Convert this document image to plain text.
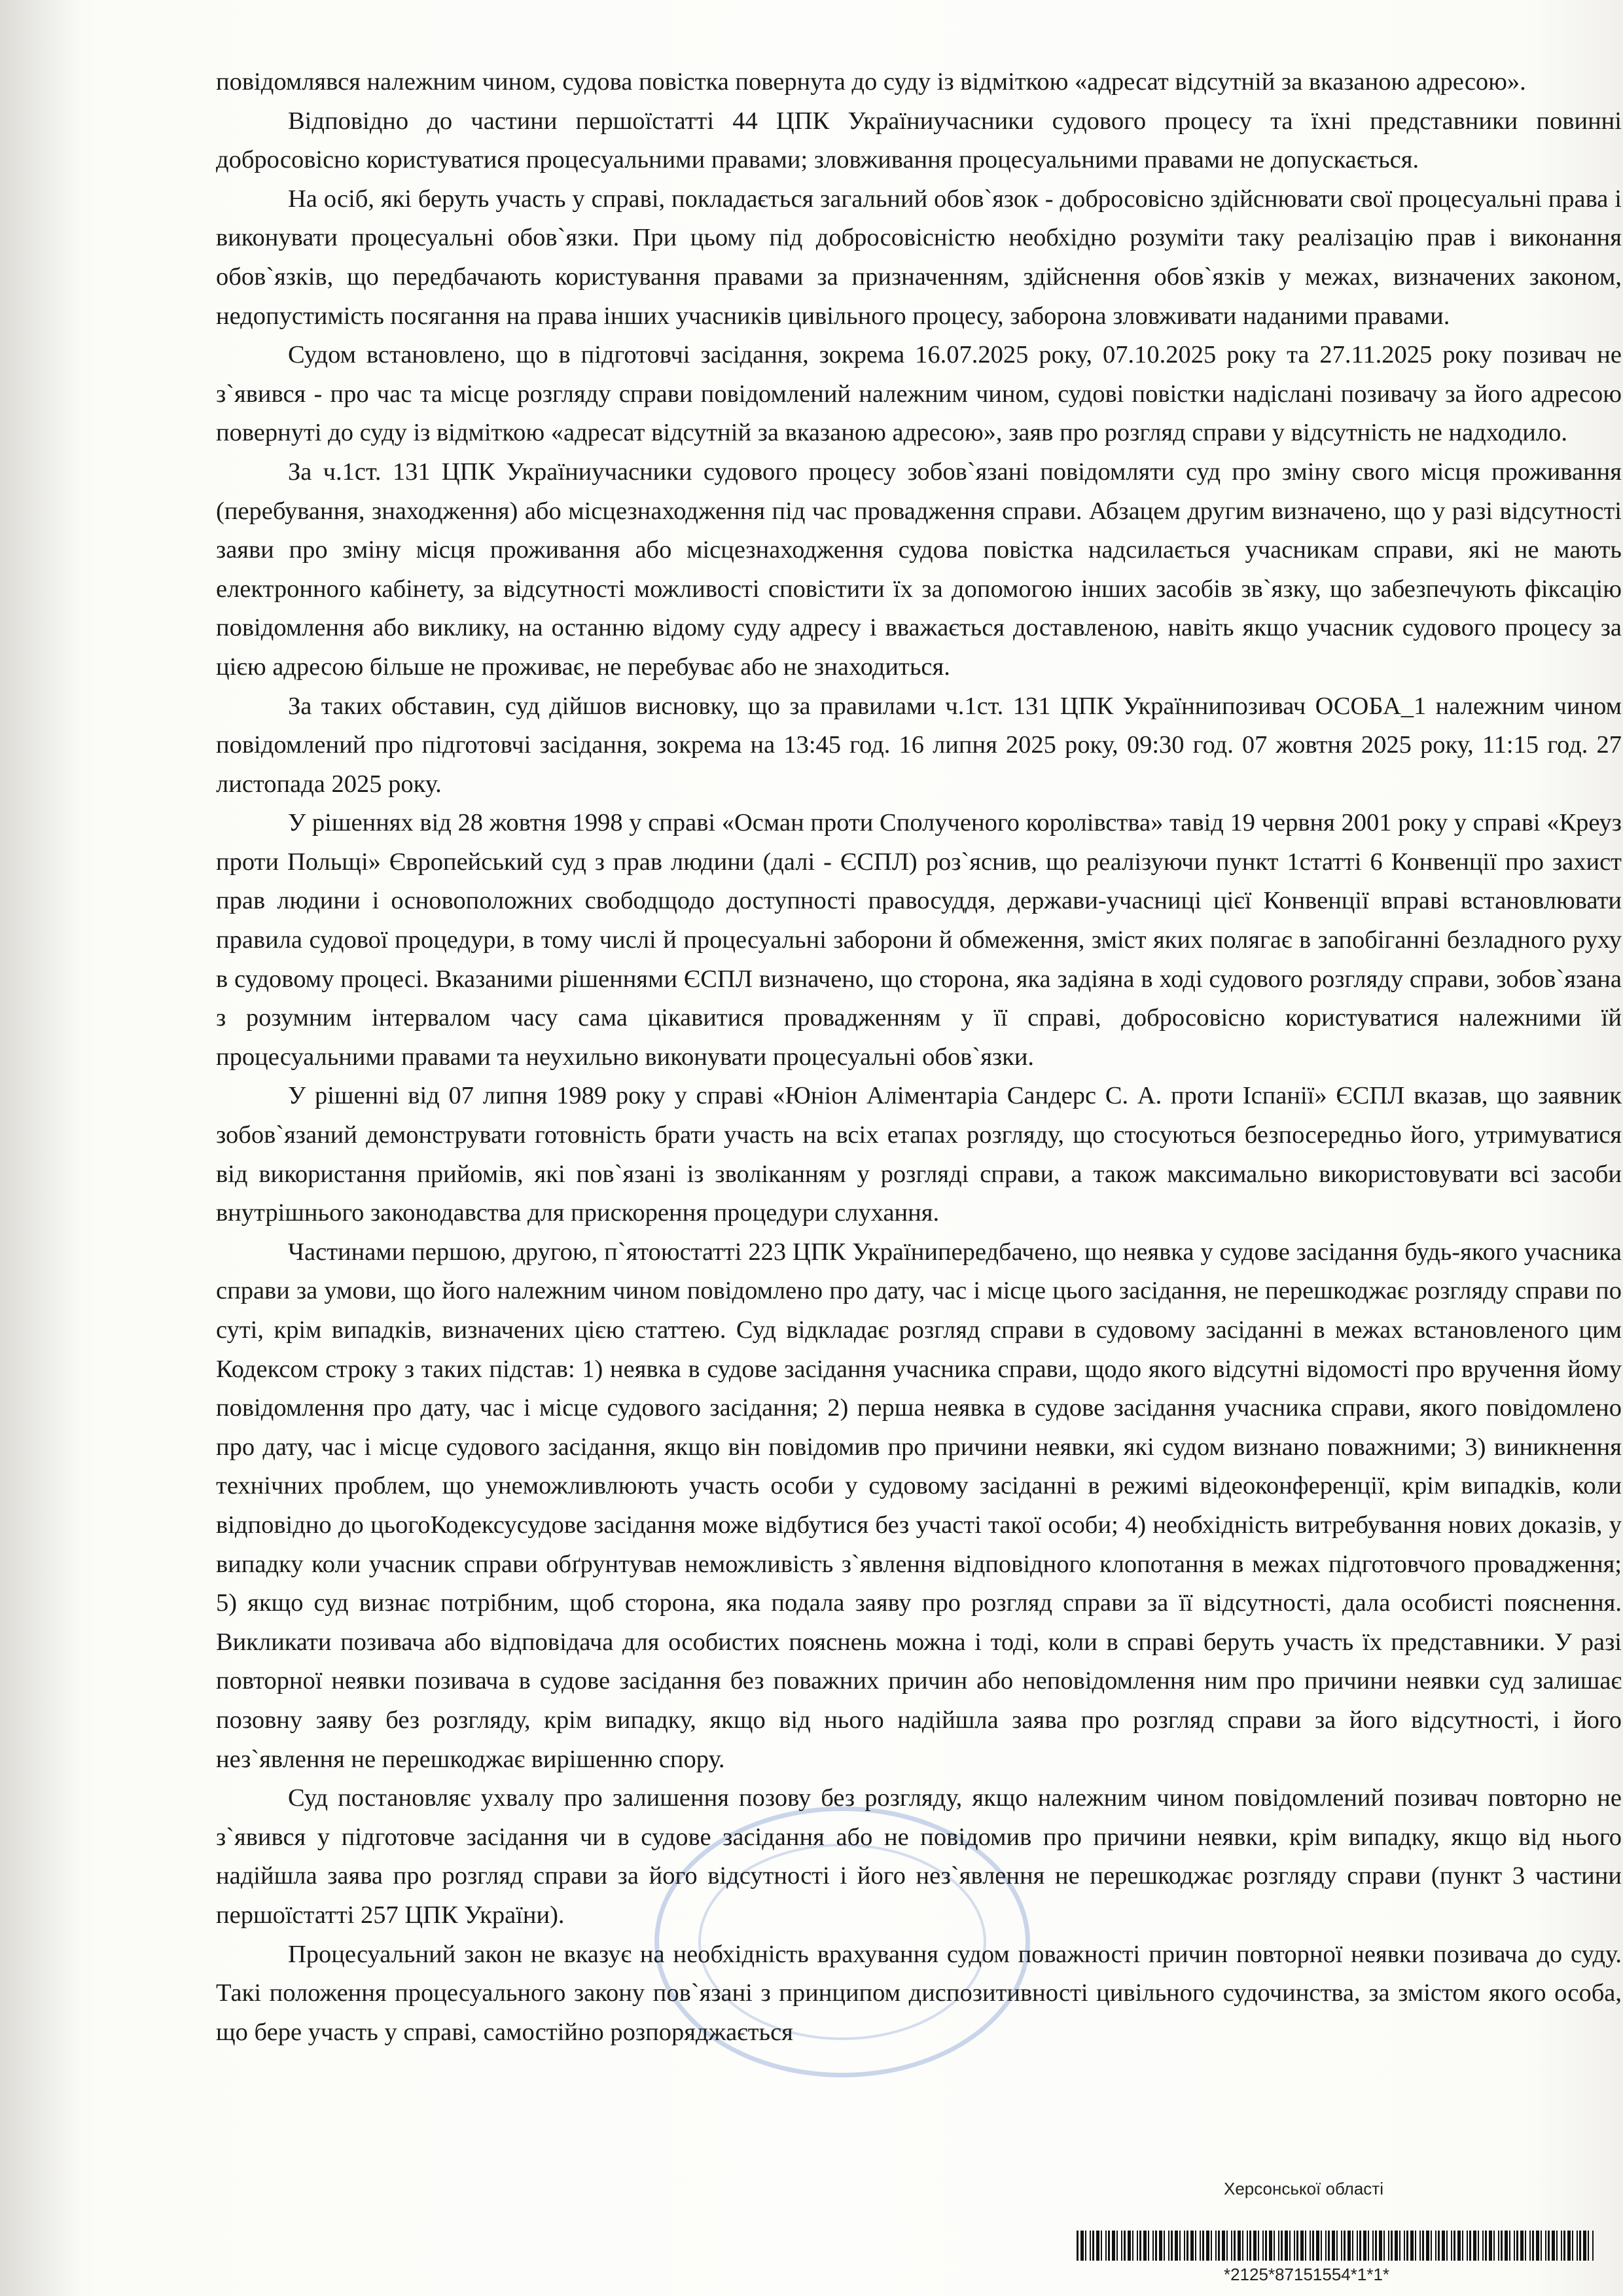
повідомлявся належним чином, судова повістка повернута до суду із відміткою «адресат відсутній за вказаною адресою».

Відповідно до частини першоїстатті 44 ЦПК Україниучасники судового процесу та їхні представники повинні добросовісно користуватися процесуальними правами; зловживання процесуальними правами не допускається.

На осіб, які беруть участь у справі, покладається загальний обов`язок - добросовісно здійснювати свої процесуальні права і виконувати процесуальні обов`язки. При цьому під добросовісністю необхідно розуміти таку реалізацію прав і виконання обов`язків, що передбачають користування правами за призначенням, здійснення обов`язків у межах, визначених законом, недопустимість посягання на права інших учасників цивільного процесу, заборона зловживати наданими правами.

Судом встановлено, що в підготовчі засідання, зокрема 16.07.2025 року, 07.10.2025 року та 27.11.2025 року позивач не з`явився - про час та місце розгляду справи повідомлений належним чином, судові повістки надіслані позивачу за його адресою повернуті до суду із відміткою «адресат відсутній за вказаною адресою», заяв про розгляд справи у відсутність не надходило.

За ч.1ст. 131 ЦПК Україниучасники судового процесу зобов`язані повідомляти суд про зміну свого місця проживання (перебування, знаходження) або місцезнаходження під час провадження справи. Абзацем другим визначено, що у разі відсутності заяви про зміну місця проживання або місцезнаходження судова повістка надсилається учасникам справи, які не мають електронного кабінету, за відсутності можливості сповістити їх за допомогою інших засобів зв`язку, що забезпечують фіксацію повідомлення або виклику, на останню відому суду адресу і вважається доставленою, навіть якщо учасник судового процесу за цією адресою більше не проживає, не перебуває або не знаходиться.

За таких обставин, суд дійшов висновку, що за правилами ч.1ст. 131 ЦПК Україннипозивач ОСОБА_1 належним чином повідомлений про підготовчі засідання, зокрема на 13:45 год. 16 липня 2025 року, 09:30 год. 07 жовтня 2025 року, 11:15 год. 27 листопада 2025 року.

У рішеннях від 28 жовтня 1998 у справі «Осман проти Сполученого королівства» тавід 19 червня 2001 року у справі «Креуз проти Польщі» Європейський суд з прав людини (далі - ЄСПЛ) роз`яснив, що реалізуючи пункт 1статті 6 Конвенції про захист прав людини і основоположних свободщодо доступності правосуддя, держави-учасниці цієї Конвенції вправі встановлювати правила судової процедури, в тому числі й процесуальні заборони й обмеження, зміст яких полягає в запобіганні безладного руху в судовому процесі. Вказаними рішеннями ЄСПЛ визначено, що сторона, яка задіяна в ході судового розгляду справи, зобов`язана з розумним інтервалом часу сама цікавитися провадженням у її справі, добросовісно користуватися належними їй процесуальними правами та неухильно виконувати процесуальні обов`язки.

У рішенні від 07 липня 1989 року у справі «Юніон Аліментаріа Сандерс С. А. проти Іспанії» ЄСПЛ вказав, що заявник зобов`язаний демонструвати готовність брати участь на всіх етапах розгляду, що стосуються безпосередньо його, утримуватися від використання прийомів, які пов`язані із зволіканням у розгляді справи, а також максимально використовувати всі засоби внутрішнього законодавства для прискорення процедури слухання.

Частинами першою, другою, п`ятоюстатті 223 ЦПК Українипередбачено, що неявка у судове засідання будь-якого учасника справи за умови, що його належним чином повідомлено про дату, час і місце цього засідання, не перешкоджає розгляду справи по суті, крім випадків, визначених цією статтею. Суд відкладає розгляд справи в судовому засіданні в межах встановленого цим Кодексом строку з таких підстав: 1) неявка в судове засідання учасника справи, щодо якого відсутні відомості про вручення йому повідомлення про дату, час і місце судового засідання; 2) перша неявка в судове засідання учасника справи, якого повідомлено про дату, час і місце судового засідання, якщо він повідомив про причини неявки, які судом визнано поважними; 3) виникнення технічних проблем, що унеможливлюють участь особи у судовому засіданні в режимі відеоконференції, крім випадків, коли відповідно до цьогоКодексусудове засідання може відбутися без участі такої особи; 4) необхідність витребування нових доказів, у випадку коли учасник справи обґрунтував неможливість з`явлення відповідного клопотання в межах підготовчого провадження; 5) якщо суд визнає потрібним, щоб сторона, яка подала заяву про розгляд справи за її відсутності, дала особисті пояснення. Викликати позивача або відповідача для особистих пояснень можна і тоді, коли в справі беруть участь їх представники. У разі повторної неявки позивача в судове засідання без поважних причин або неповідомлення ним про причини неявки суд залишає позовну заяву без розгляду, крім випадку, якщо від нього надійшла заява про розгляд справи за його відсутності, і його нез`явлення не перешкоджає вирішенню спору.

Суд постановляє ухвалу про залишення позову без розгляду, якщо належним чином повідомлений позивач повторно не з`явився у підготовче засідання чи в судове засідання або не повідомив про причини неявки, крім випадку, якщо від нього надійшла заява про розгляд справи за його відсутності і його нез`явлення не перешкоджає розгляду справи (пункт 3 частини першоїстатті 257 ЦПК України).

Процесуальний закон не вказує на необхідність врахування судом поважності причин повторної неявки позивача до суду. Такі положення процесуального закону пов`язані з принципом диспозитивності цивільного судочинства, за змістом якого особа, що бере участь у справі, самостійно розпоряджається

Херсонської області
*2125*87151554*1*1*
